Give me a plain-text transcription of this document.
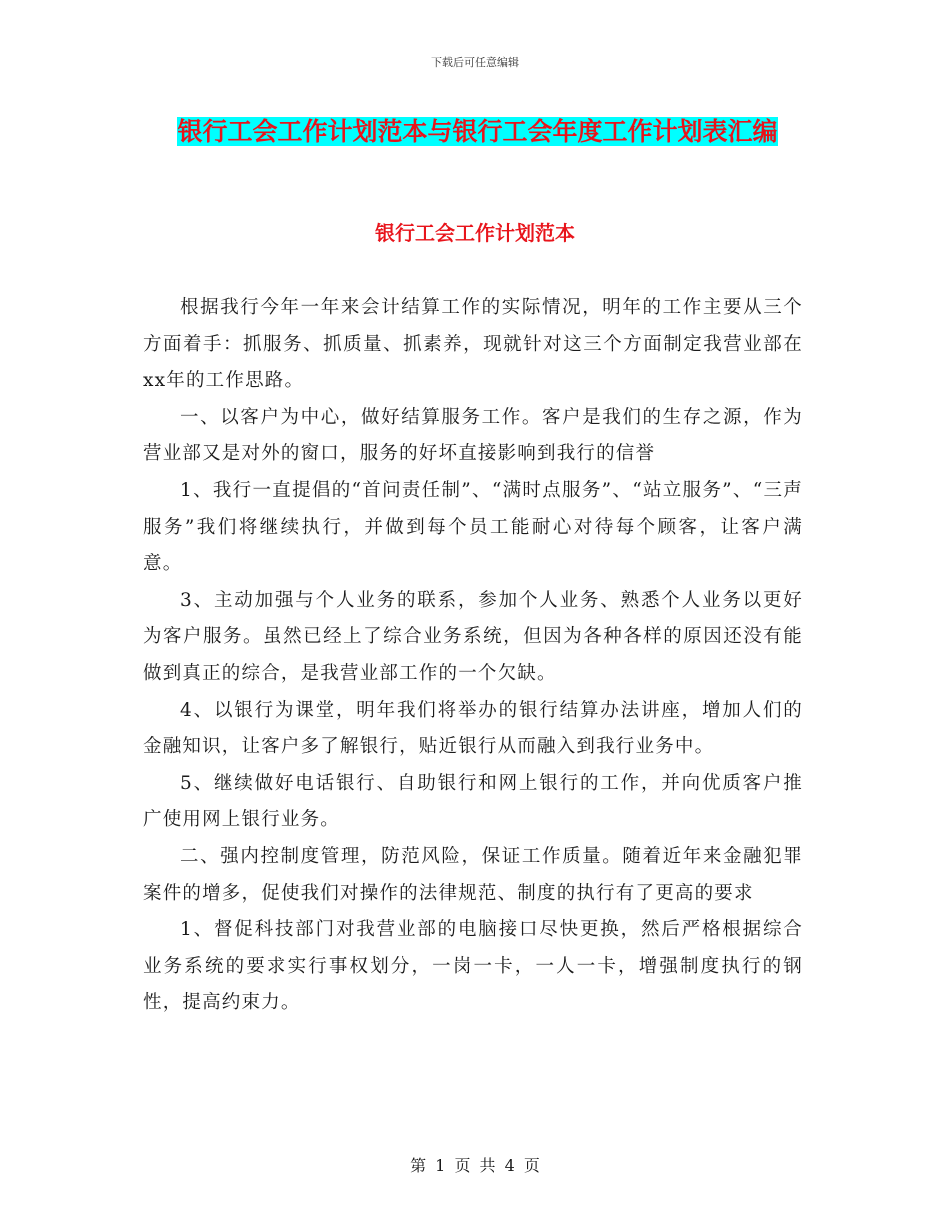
下载后可任意编辑
银行工会工作计划范本与银行工会年度工作计划表汇编
银行工会工作计划范本

根据我行今年一年来会计结算工作的实际情况，明年的工作主要从三个方面着手：抓服务、抓质量、抓素养，现就针对这三个方面制定我营业部在xx年的工作思路。

一、以客户为中心，做好结算服务工作。客户是我们的生存之源，作为营业部又是对外的窗口，服务的好坏直接影响到我行的信誉

1、我行一直提倡的“首问责任制”、“满时点服务”、“站立服务”、“三声服务”我们将继续执行，并做到每个员工能耐心对待每个顾客，让客户满意。

3、主动加强与个人业务的联系，参加个人业务、熟悉个人业务以更好为客户服务。虽然已经上了综合业务系统，但因为各种各样的原因还没有能做到真正的综合，是我营业部工作的一个欠缺。

4、以银行为课堂，明年我们将举办的银行结算办法讲座，增加人们的金融知识，让客户多了解银行，贴近银行从而融入到我行业务中。

5、继续做好电话银行、自助银行和网上银行的工作，并向优质客户推广使用网上银行业务。

二、强内控制度管理，防范风险，保证工作质量。随着近年来金融犯罪案件的增多，促使我们对操作的法律规范、制度的执行有了更高的要求

1、督促科技部门对我营业部的电脑接口尽快更换，然后严格根据综合业务系统的要求实行事权划分，一岗一卡，一人一卡，增强制度执行的钢性，提高约束力。

第 1 页 共 4 页
